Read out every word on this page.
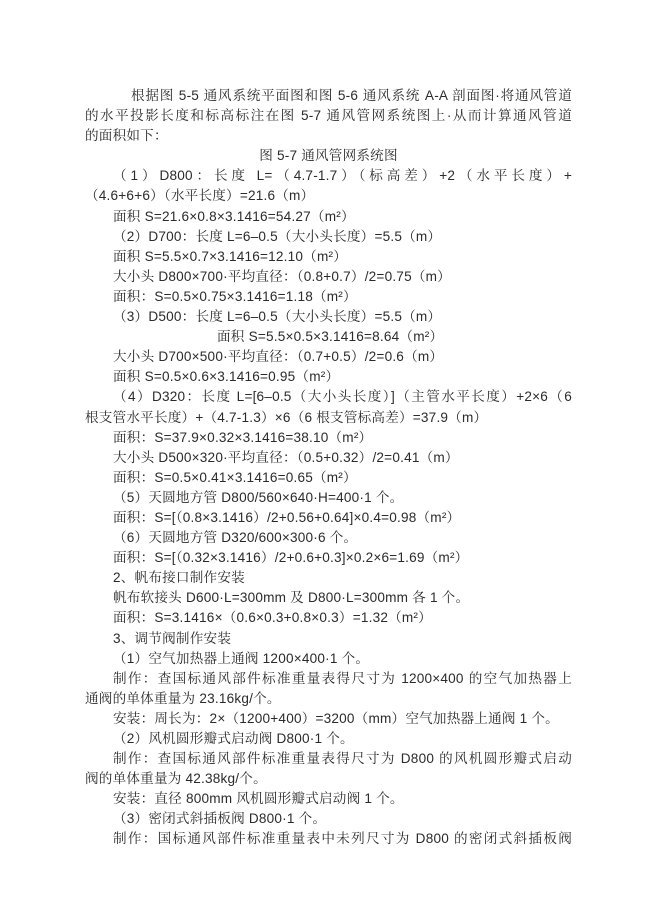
根据图 5-5 通风系统平面图和图 5-6 通风系统 A-A 剖面图·将通风管道

的水平投影长度和标高标注在图 5-7 通风管网系统图上·从而计算通风管道

的面积如下：

图 5-7 通风管网系统图

（1）D800：长度 L=（4.7-1.7）（标高差）+2（水平长度）+

（4.6+6+6）（水平长度）=21.6（m）

面积 S=21.6×0.8×3.1416=54.27（m²）

（2）D700：长度 L=6–0.5（大小头长度）=5.5（m）

面积 S=5.5×0.7×3.1416=12.10（m²）

大小头 D800×700·平均直径：（0.8+0.7）/2=0.75（m）

面积：S=0.5×0.75×3.1416=1.18（m²）

（3）D500：长度 L=6–0.5（大小头长度）=5.5（m）

面积 S=5.5×0.5×3.1416=8.64（m²）

大小头 D700×500·平均直径：（0.7+0.5）/2=0.6（m）

面积 S=0.5×0.6×3.1416=0.95（m²）

（4）D320：长度 L=[6–0.5（大小头长度）]（主管水平长度）+2×6（6

根支管水平长度）+（4.7-1.3）×6（6 根支管标高差）=37.9（m）

面积：S=37.9×0.32×3.1416=38.10（m²）

大小头 D500×320·平均直径：（0.5+0.32）/2=0.41（m）

面积：S=0.5×0.41×3.1416=0.65（m²）

（5）天圆地方管 D800/560×640·H=400·1 个。

面积：S=[（0.8×3.1416）/2+0.56+0.64]×0.4=0.98（m²）

（6）天圆地方管 D320/600×300·6 个。

面积：S=[（0.32×3.1416）/2+0.6+0.3]×0.2×6=1.69（m²）

2、帆布接口制作安装

帆布软接头 D600·L=300mm 及 D800·L=300mm 各 1 个。

面积：S=3.1416×（0.6×0.3+0.8×0.3）=1.32（m²）

3、调节阀制作安装

（1）空气加热器上通阀 1200×400·1 个。

制作：查国标通风部件标准重量表得尺寸为 1200×400 的空气加热器上

通阀的单体重量为 23.16kg/个。

安装：周长为：2×（1200+400）=3200（mm）空气加热器上通阀 1 个。

（2）风机圆形瓣式启动阀 D800·1 个。

制作：查国标通风部件标准重量表得尺寸为 D800 的风机圆形瓣式启动

阀的单体重量为 42.38kg/个。

安装：直径 800mm 风机圆形瓣式启动阀 1 个。

（3）密闭式斜插板阀 D800·1 个。

制作：国标通风部件标准重量表中未列尺寸为 D800 的密闭式斜插板阀
